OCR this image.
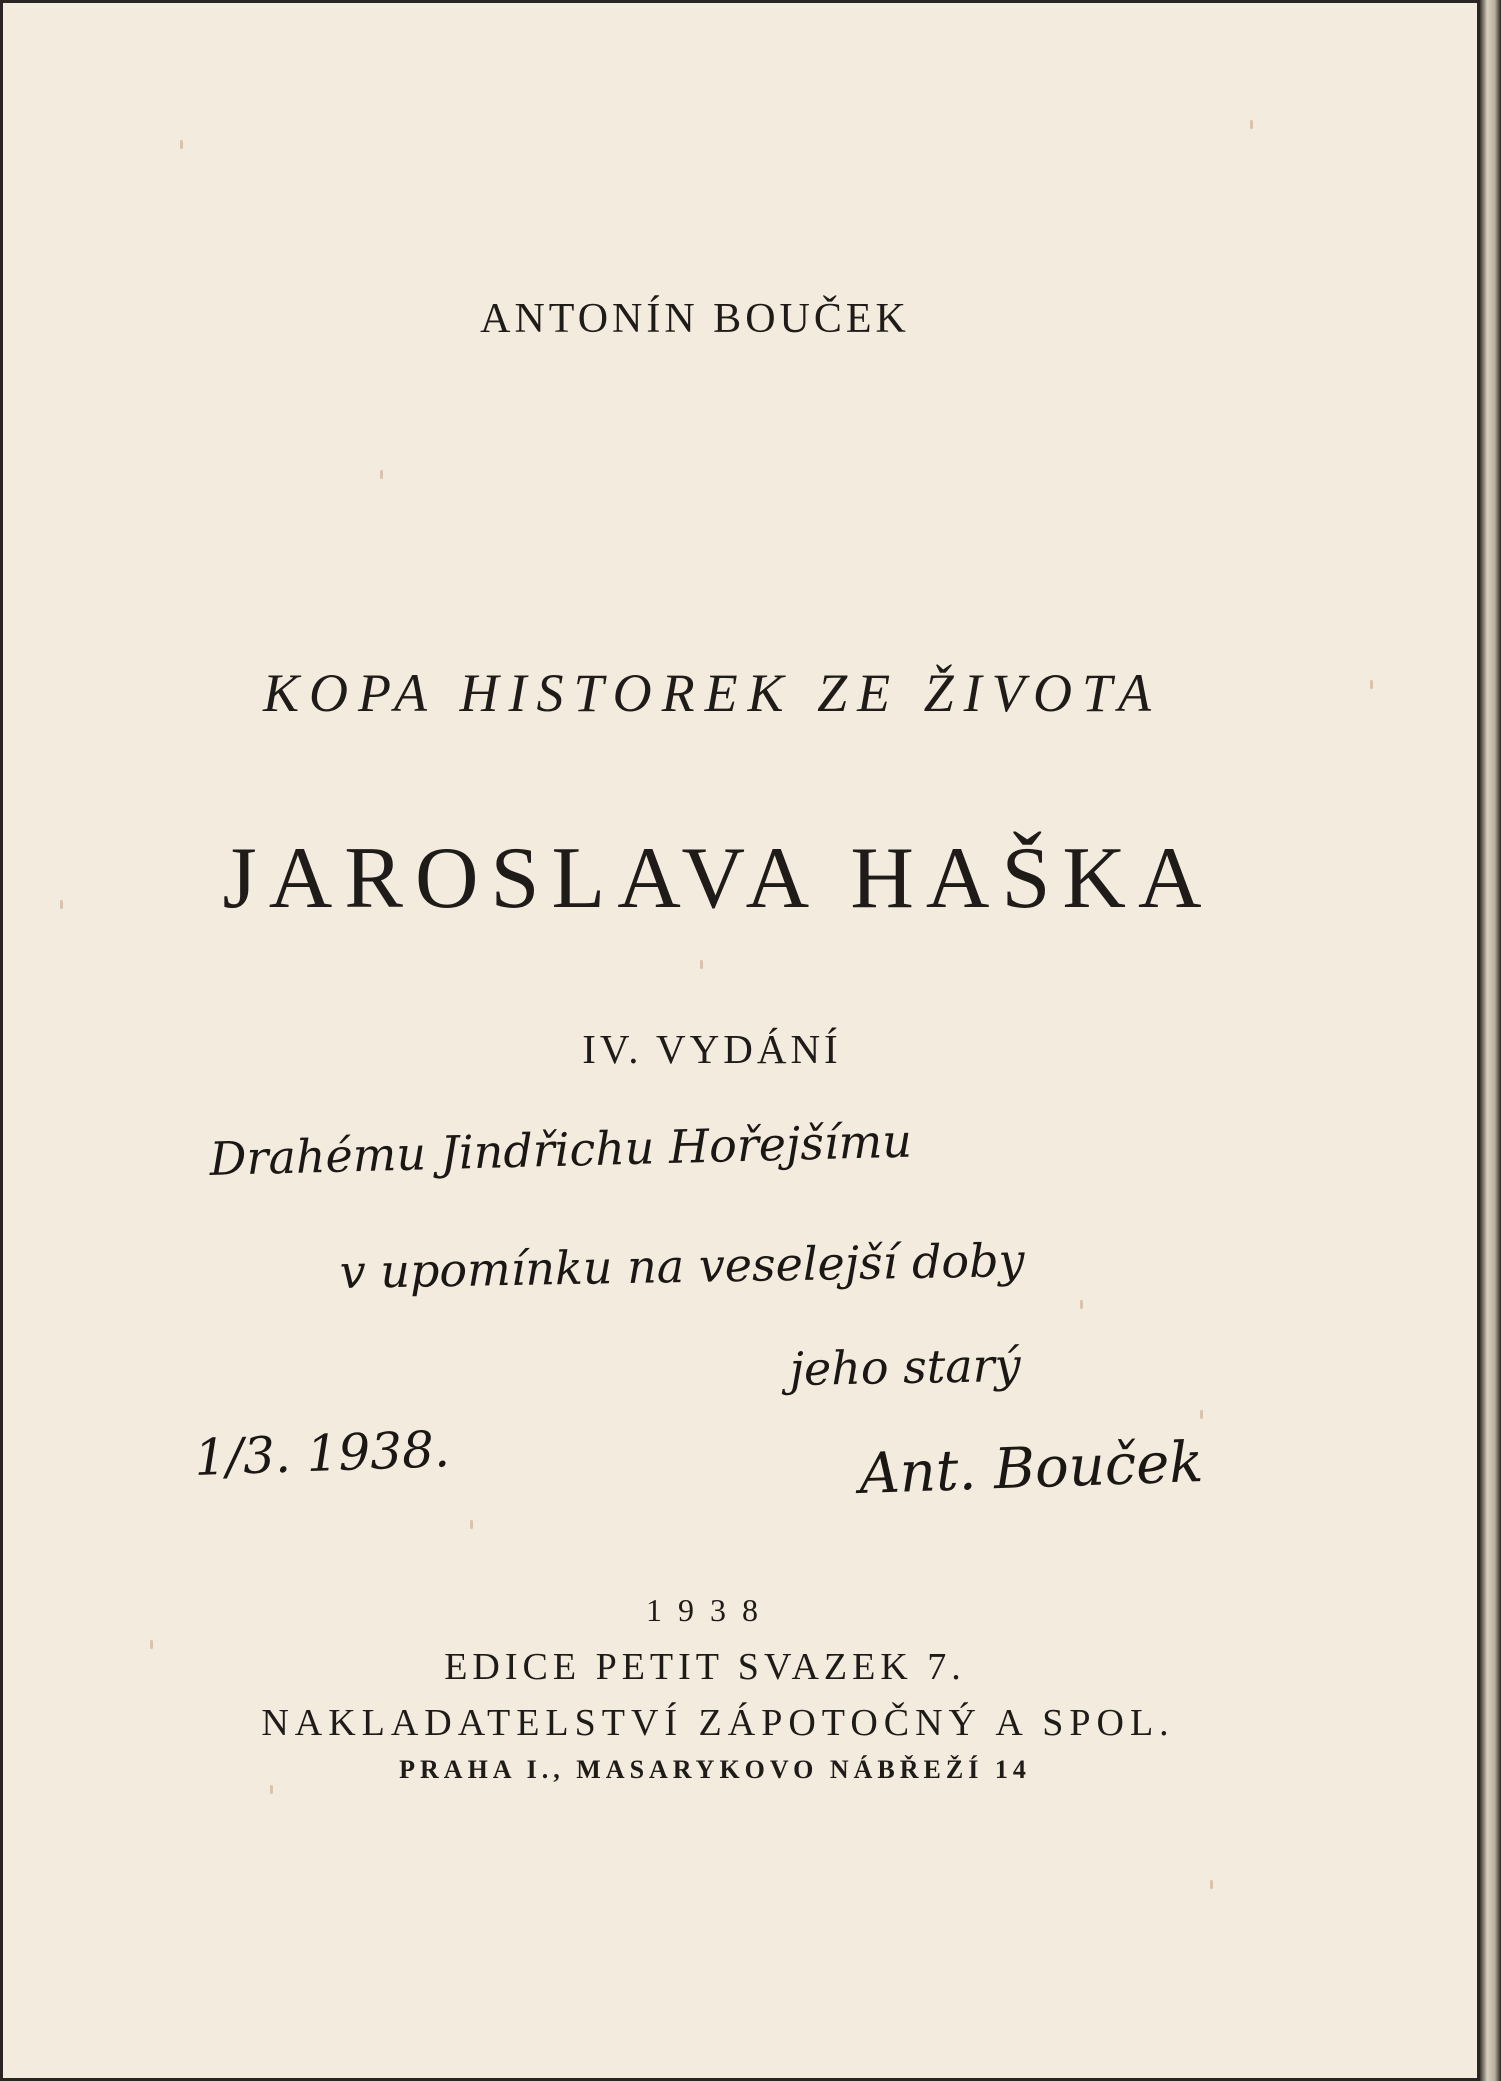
ANTONÍN BOUČEK
KOPA HISTOREK ZE ŽIVOTA
JAROSLAVA HAŠKA
IV. VYDÁNÍ
Drahému Jindřichu Hořejšímu
v upomínku na veselejší doby
jeho starý
1/3. 1938.	Ant. Bouček
1938
EDICE PETIT SVAZEK 7.
NAKLADATELSTVÍ ZÁPOTOČNÝ A SPOL.
PRAHA I., MASARYKOVO NÁBŘEŽÍ 14
